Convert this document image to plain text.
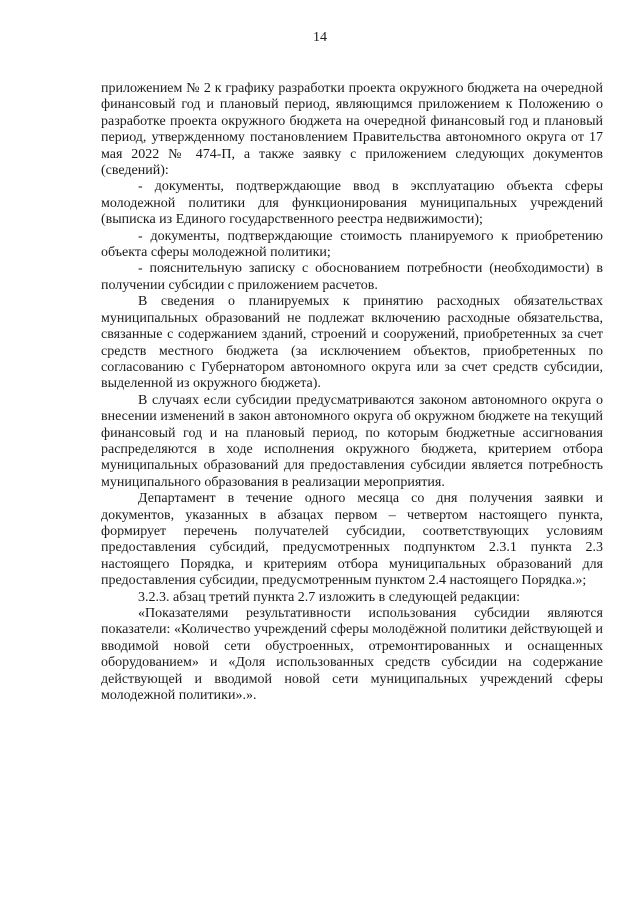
14

приложением № 2 к графику разработки проекта окружного бюджета на очередной финансовый год и плановый период, являющимся приложением к Положению о разработке проекта окружного бюджета на очередной финансовый год и плановый период, утвержденному постановлением Правительства автономного округа от 17 мая 2022 № 474-П, а также заявку с приложением следующих документов (сведений):

- документы, подтверждающие ввод в эксплуатацию объекта сферы молодежной политики для функционирования муниципальных учреждений (выписка из Единого государственного реестра недвижимости);

- документы, подтверждающие стоимость планируемого к приобретению объекта сферы молодежной политики;

- пояснительную записку с обоснованием потребности (необходимости) в получении субсидии с приложением расчетов.

В сведения о планируемых к принятию расходных обязательствах муниципальных образований не подлежат включению расходные обязательства, связанные с содержанием зданий, строений и сооружений, приобретенных за счет средств местного бюджета (за исключением объектов, приобретенных по согласованию с Губернатором автономного округа или за счет средств субсидии, выделенной из окружного бюджета).

В случаях если субсидии предусматриваются законом автономного округа о внесении изменений в закон автономного округа об окружном бюджете на текущий финансовый год и на плановый период, по которым бюджетные ассигнования распределяются в ходе исполнения окружного бюджета, критерием отбора муниципальных образований для предоставления субсидии является потребность муниципального образования в реализации мероприятия.

Департамент в течение одного месяца со дня получения заявки и документов, указанных в абзацах первом – четвертом настоящего пункта, формирует перечень получателей субсидии, соответствующих условиям предоставления субсидий, предусмотренных подпунктом 2.3.1 пункта 2.3 настоящего Порядка, и критериям отбора муниципальных образований для предоставления субсидии, предусмотренным пунктом 2.4 настоящего Порядка.»;

3.2.3. абзац третий пункта 2.7 изложить в следующей редакции:

«Показателями результативности использования субсидии являются показатели: «Количество учреждений сферы молодёжной политики действующей и вводимой новой сети обустроенных, отремонтированных и оснащенных оборудованием» и «Доля использованных средств субсидии на содержание действующей и вводимой новой сети муниципальных учреждений сферы молодежной политики».».
